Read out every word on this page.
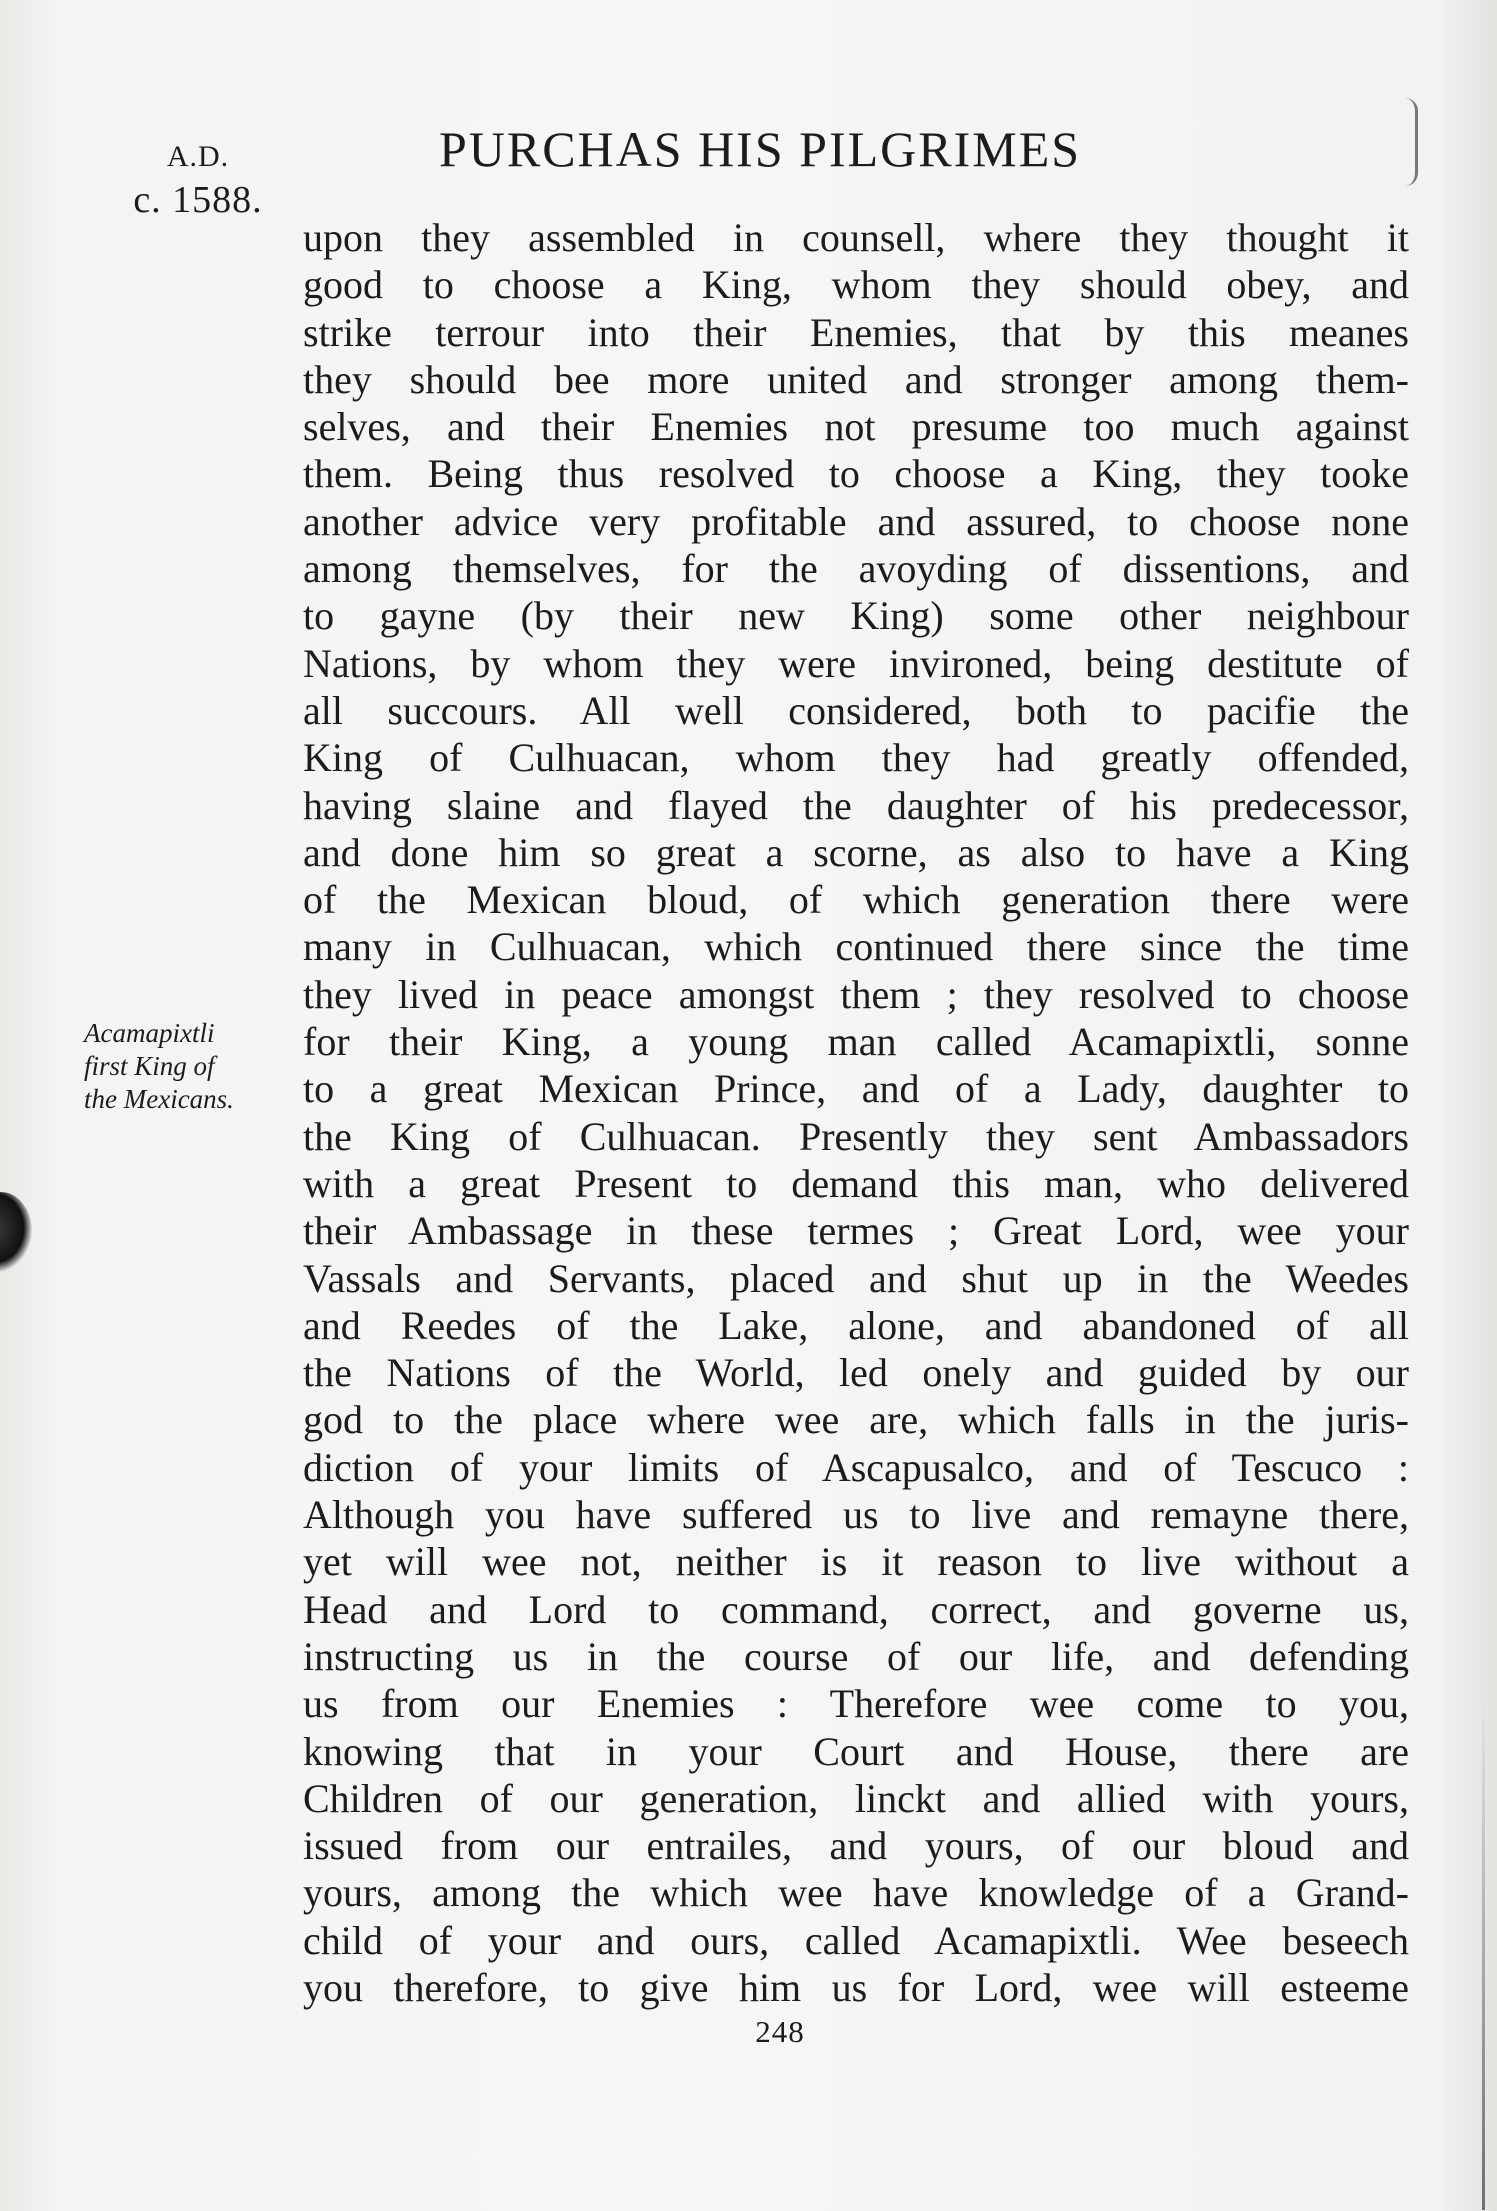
A.D.
c. 1588.
PURCHAS HIS PILGRIMES
Acamapixtli
first King of
the Mexicans.
upon they assembled in counsell, where they thought it
good to choose a King, whom they should obey, and
strike terrour into their Enemies, that by this meanes
they should bee more united and stronger among them-
selves, and their Enemies not presume too much against
them. Being thus resolved to choose a King, they tooke
another advice very profitable and assured, to choose none
among themselves, for the avoyding of dissentions, and
to gayne (by their new King) some other neighbour
Nations, by whom they were invironed, being destitute of
all succours. All well considered, both to pacifie the
King of Culhuacan, whom they had greatly offended,
having slaine and flayed the daughter of his predecessor,
and done him so great a scorne, as also to have a King
of the Mexican bloud, of which generation there were
many in Culhuacan, which continued there since the time
they lived in peace amongst them ; they resolved to choose
for their King, a young man called Acamapixtli, sonne
to a great Mexican Prince, and of a Lady, daughter to
the King of Culhuacan. Presently they sent Ambassadors
with a great Present to demand this man, who delivered
their Ambassage in these termes ; Great Lord, wee your
Vassals and Servants, placed and shut up in the Weedes
and Reedes of the Lake, alone, and abandoned of all
the Nations of the World, led onely and guided by our
god to the place where wee are, which falls in the juris-
diction of your limits of Ascapusalco, and of Tescuco :
Although you have suffered us to live and remayne there,
yet will wee not, neither is it reason to live without a
Head and Lord to command, correct, and governe us,
instructing us in the course of our life, and defending
us from our Enemies : Therefore wee come to you,
knowing that in your Court and House, there are
Children of our generation, linckt and allied with yours,
issued from our entrailes, and yours, of our bloud and
yours, among the which wee have knowledge of a Grand-
child of your and ours, called Acamapixtli. Wee beseech
you therefore, to give him us for Lord, wee will esteeme
248
